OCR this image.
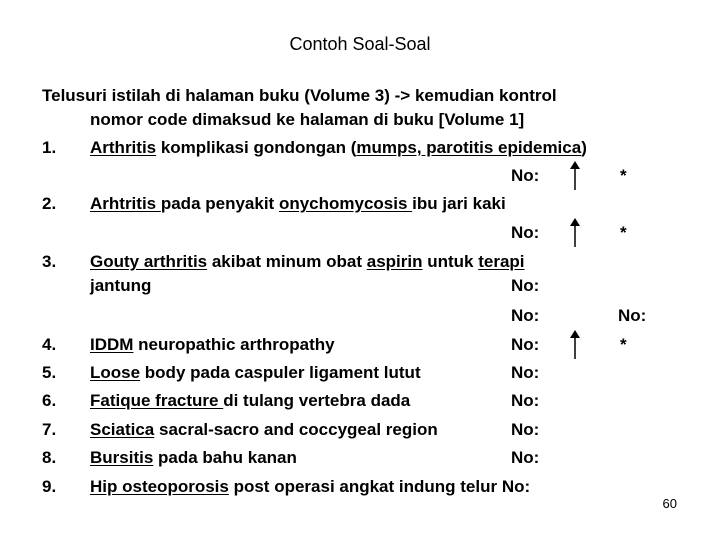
Contoh Soal-Soal
Telusuri istilah di halaman buku (Volume 3) -> kemudian kontrol
nomor code dimaksud ke halaman di buku [Volume 1]
1. Arthritis komplikasi gondongan (mumps, parotitis epidemica)
No:	*
2. Arhtritis pada penyakit onychomycosis ibu jari kaki
No:	*
3. Gouty arthritis akibat minum obat aspirin untuk terapi
jantung	No:
No:	No:
4. IDDM neuropathic arthropathy	No:	*
5. Loose body pada caspuler ligament lutut	No:
6. Fatique fracture di tulang vertebra dada	No:
7. Sciatica sacral-sacro and coccygeal region	No:
8. Bursitis pada bahu kanan	No:
9. Hip osteoporosis post operasi angkat indung telur No:
60
